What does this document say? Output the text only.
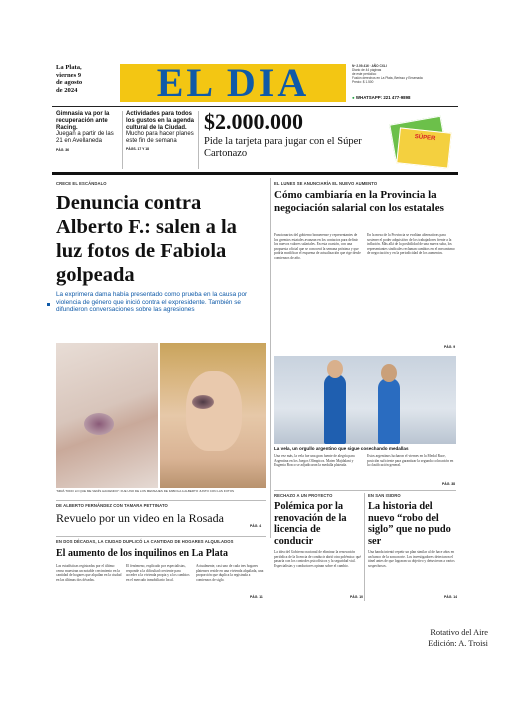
La Plata,
viernes 9
de agosto
de 2024	EL DIA	Nº 2.09.416 · AÑO CXLI
Diario de 44 páginas
de este periódico
Fusión derechos en La Plata, Berisso y Ensenada
Precio: $ 1.500
● WHATSAPP: 221 477-9898
Gimnasia va por la recuperación ante Racing.
Juegan a partir de las 21 en Avellaneda
PÁG. 36
Actividades para todos los gustos en la agenda cultural de la Ciudad.
Mucho para hacer planes este fin de semana
PÁGS. 17 Y 18
$2.000.000
Pide la tarjeta para jugar con el Súper Cartonazo
SÚPER
CRECE EL ESCÁNDALO
Denuncia contra Alberto F.: salen a la luz fotos de Fabiola golpeada
La exprimera dama había presentado como prueba en la causa por violencia de género que inició contra el expresidente. También se difundieron conversaciones sobre las agresiones
“MIRÁ TODO LO QUE ME VENÍS HACIENDO”: FUE UNO DE LOS MENSAJES DE FABIOLA A ALBERTO JUNTO CON LAS FOTOS
DE ALBERTO FERNÁNDEZ CON TAMARA PETTINATO
Revuelo por un video en la Rosada
PÁG. 4
EL LUNES SE ANUNCIARÍA EL NUEVO AUMENTO
Cómo cambiaría en la Provincia la negociación salarial con los estatales
Funcionarios del gobierno bonaerense y representantes de los gremios estatales avanzan en los contactos para definir los nuevos valores salariales. En esta ocasión, con una propuesta oficial que se conocerá la semana próxima y que podría modificar el esquema de actualización que rige desde comienzos de año.
En la mesa de la Provincia se evalúan alternativas para sostener el poder adquisitivo de los trabajadores frente a la inflación. Más allá de la posibilidad de una nueva suba, los representantes sindicales reclaman cambios en el mecanismo de negociación y en la periodicidad de los aumentos.
PÁG. 9
La vela, un orgullo argentino que sigue cosechando medallas
Una vez más, la vela fue una gran fuente de alegría para Argentina en los Juegos Olímpicos. Mateo Majdalani y Eugenia Bosco se adjudicaron la medalla plateada.
Estos argentinos lucharon el viernes en la Medal Race, posición suficiente para garantizar la segunda colocación en la clasificación general.
PÁG. 38
RECHAZO A UN PROYECTO
Polémica por la renovación de la licencia de conducir
La idea del Gobierno nacional de eliminar la renovación periódica de la licencia de conducir abrió otra polémica: qué pasaría con los controles psicofísicos y la seguridad vial. Especialistas y conductores opinan sobre el cambio.
PÁG. 10
EN SAN ISIDRO
La historia del nuevo “robo del siglo” que no pudo ser
Una banda intentó repetir un plan similar al de hace años en un banco de la zona norte. Los investigadores detectaron el túnel antes de que lograran su objetivo y detuvieron a varios sospechosos.
PÁG. 14
EN DOS DÉCADAS, LA CIUDAD DUPLICÓ LA CANTIDAD DE HOGARES ALQUILADOS
El aumento de los inquilinos en La Plata
Las estadísticas registradas por el último censo muestran un notable crecimiento en la cantidad de hogares que alquilan en la ciudad en las últimas dos décadas.
El fenómeno, explicado por especialistas, responde a la dificultad creciente para acceder a la vivienda propia y a los cambios en el mercado inmobiliario local.
Actualmente, casi uno de cada tres hogares platenses reside en una vivienda alquilada, una proporción que duplica la registrada a comienzos de siglo.
PÁG. 11
Rotativo del Aire
Edición: A. Troisi
